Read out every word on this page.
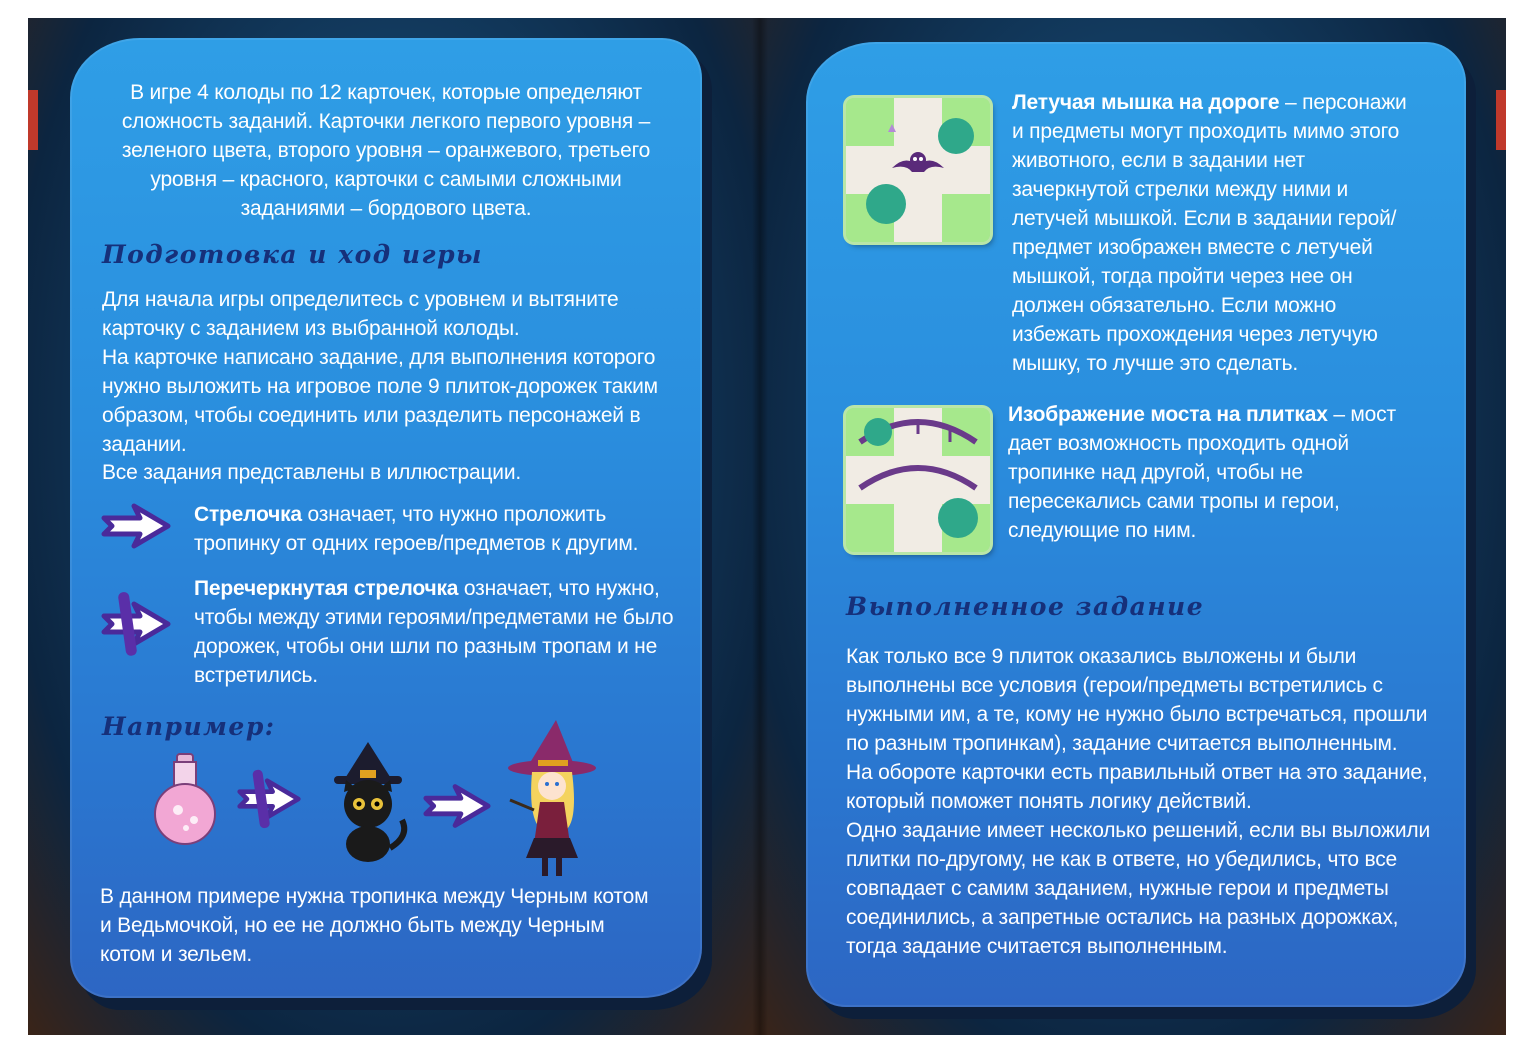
В игре 4 колоды по 12 карточек, которые определяют сложность заданий. Карточки легкого первого уровня – зеленого цвета, второго уровня – оранжевого, третьего уровня – красного, карточки с самыми сложными заданиями – бордового цвета.

Подготовка и ход игры

Для начала игры определитесь с уровнем и вытяните карточку с заданием из выбранной колоды.

На карточке написано задание, для выполнения которого нужно выложить на игровое поле 9 плиток-дорожек таким образом, чтобы соединить или разделить персонажей в задании.

Все задания представлены в иллюстрации.

Стрелочка означает, что нужно проложить тропинку от одних героев/предметов к другим.

Перечеркнутая стрелочка означает, что нужно, чтобы между этими героями/предметами не было дорожек, чтобы они шли по разным тропам и не встретились.

Например:

В данном примере нужна тропинка между Черным котом и Ведьмочкой, но ее не должно быть между Черным котом и зельем.

Летучая мышка на дороге – персонажи и предметы могут проходить мимо этого животного, если в задании нет зачеркнутой стрелки между ними и летучей мышкой. Если в задании герой/предмет изображен вместе с летучей мышкой, тогда пройти через нее он должен обязательно. Если можно избежать прохождения через летучую мышку, то лучше это сделать.

Изображение моста на плитках – мост дает возможность проходить одной тропинке над другой, чтобы не пересекались сами тропы и герои, следующие по ним.

Выполненное задание

Как только все 9 плиток оказались выложены и были выполнены все условия (герои/предметы встретились с нужными им, а те, кому не нужно было встречаться, прошли по разным тропинкам), задание считается выполненным.

На обороте карточки есть правильный ответ на это задание, который поможет понять логику действий.

Одно задание имеет несколько решений, если вы выложили плитки по-другому, не как в ответе, но убедились, что все совпадает с самим заданием, нужные герои и предметы соединились, а запретные остались на разных дорожках, тогда задание считается выполненным.
